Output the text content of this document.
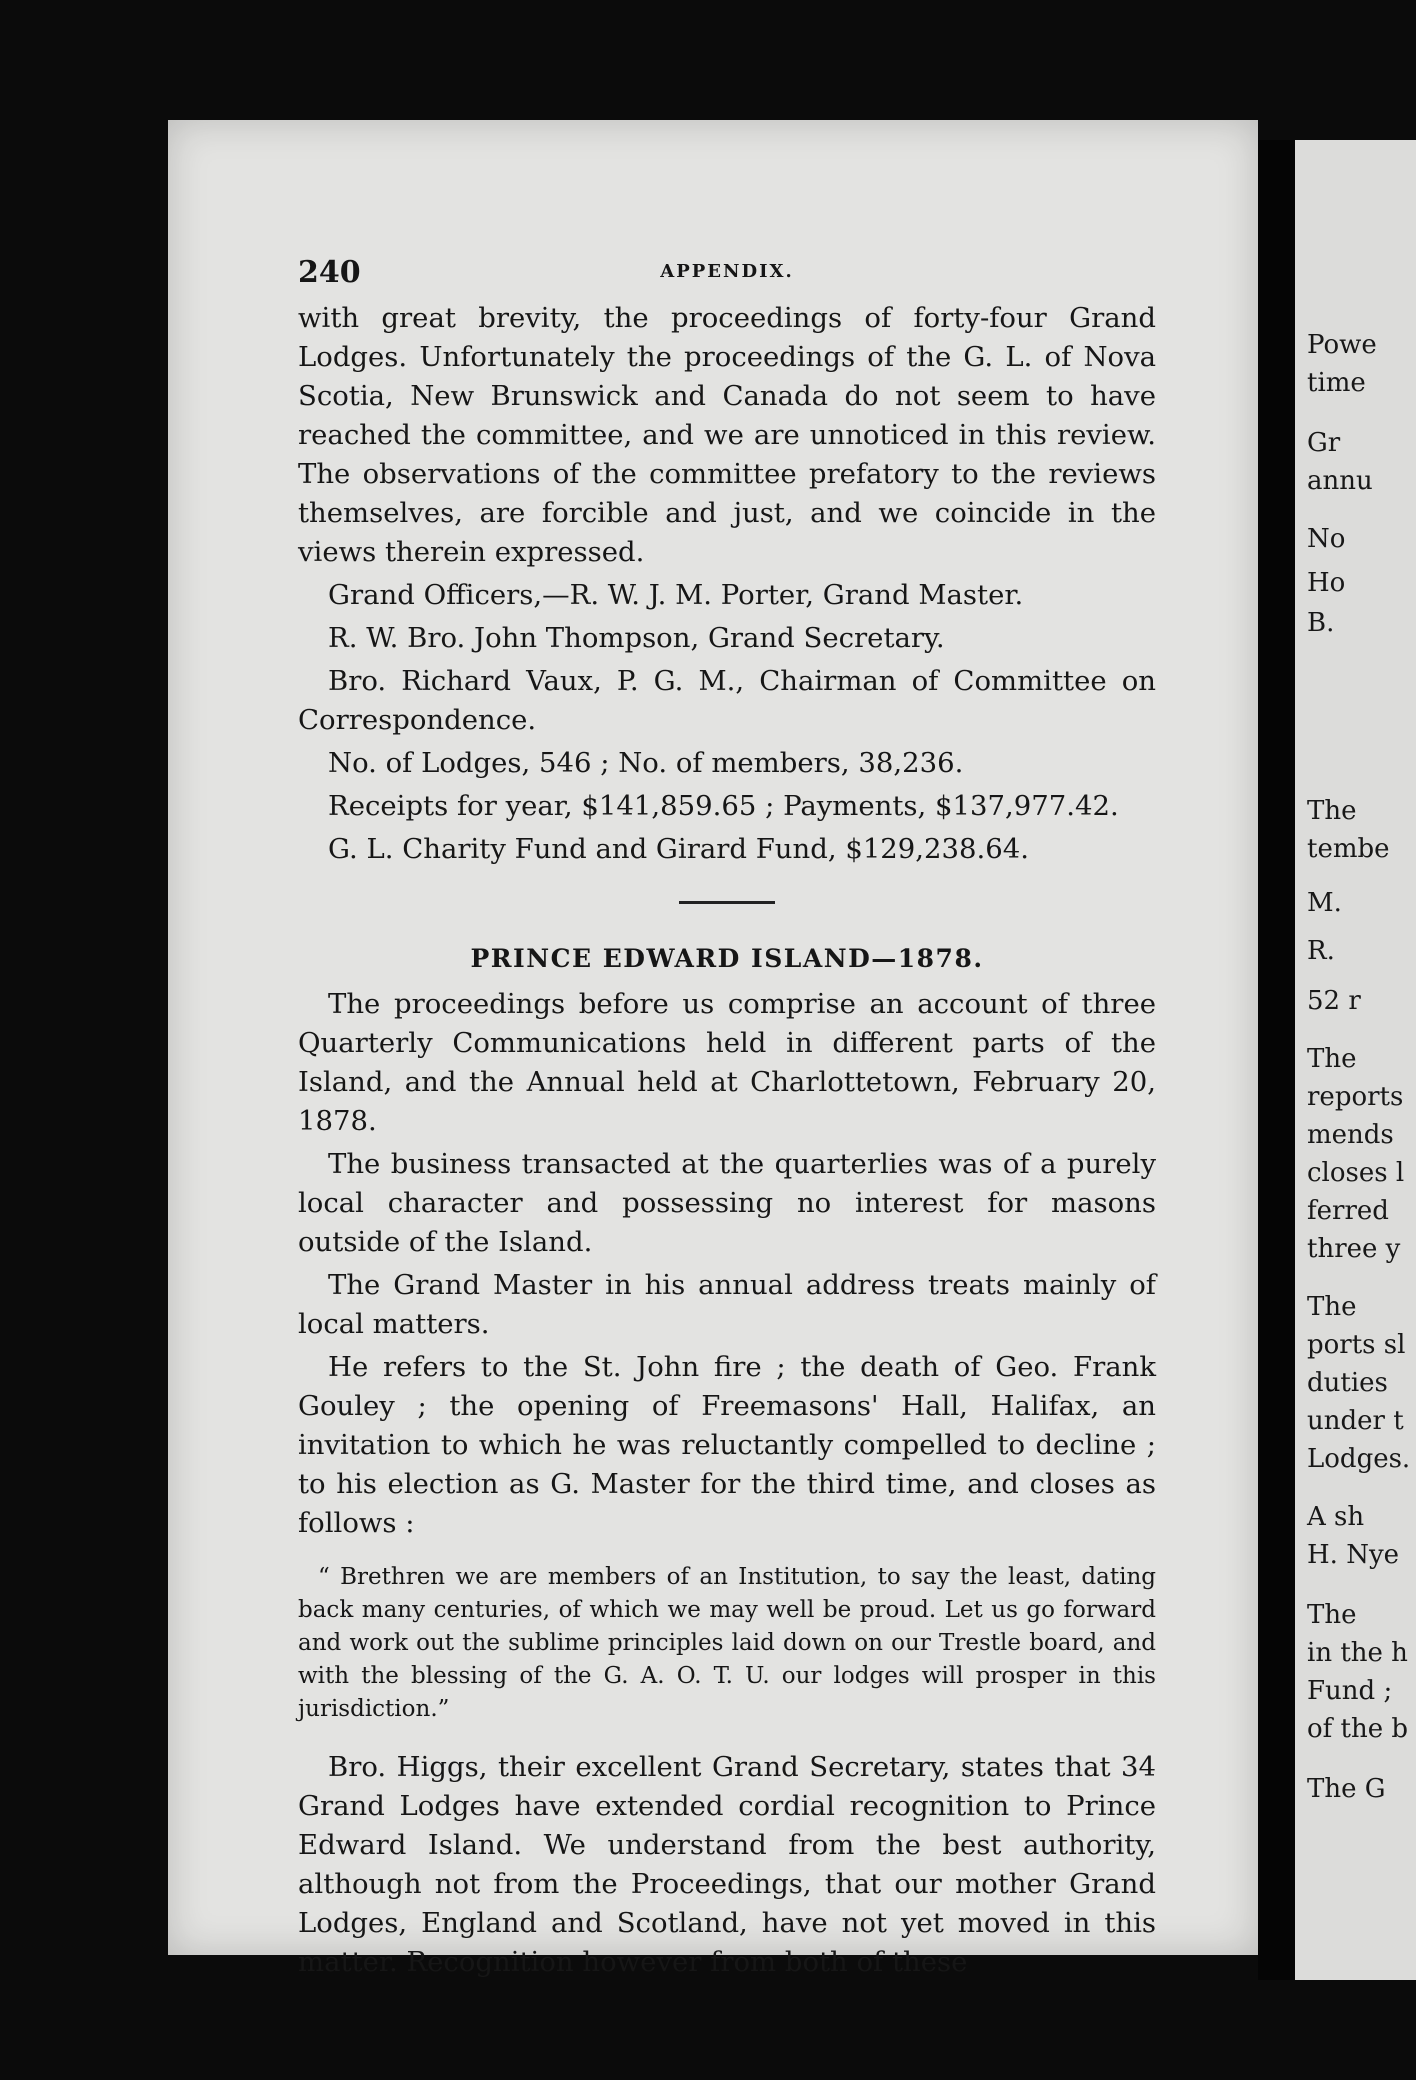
240	APPENDIX.

with great brevity, the proceedings of forty-four Grand Lodges. Unfortunately the proceedings of the G. L. of Nova Scotia, New Brunswick and Canada do not seem to have reached the committee, and we are unnoticed in this review. The observations of the committee prefatory to the reviews themselves, are forcible and just, and we coincide in the views therein expressed.

Grand Officers,—R. W. J. M. Porter, Grand Master.

R. W. Bro. John Thompson, Grand Secretary.

Bro. Richard Vaux, P. G. M., Chairman of Committee on Correspondence.

No. of Lodges, 546 ; No. of members, 38,236.

Receipts for year, $141,859.65 ; Payments, $137,977.42.

G. L. Charity Fund and Girard Fund, $129,238.64.

PRINCE EDWARD ISLAND—1878.

The proceedings before us comprise an account of three Quarterly Communications held in different parts of the Island, and the Annual held at Charlottetown, February 20, 1878.

The business transacted at the quarterlies was of a purely local character and possessing no interest for masons outside of the Island.

The Grand Master in his annual address treats mainly of local matters.

He refers to the St. John fire ; the death of Geo. Frank Gouley ; the opening of Freemasons' Hall, Halifax, an invitation to which he was reluctantly compelled to decline ; to his election as G. Master for the third time, and closes as follows :

“ Brethren we are members of an Institution, to say the least, dating back many centuries, of which we may well be proud. Let us go forward and work out the sublime principles laid down on our Trestle board, and with the blessing of the G. A. O. T. U. our lodges will prosper in this jurisdiction.”

Bro. Higgs, their excellent Grand Secretary, states that 34 Grand Lodges have extended cordial recognition to Prince Edward Island. We understand from the best authority, although not from the Proceedings, that our mother Grand Lodges, England and Scotland, have not yet moved in this matter. Recognition however from both of these

Powe
time
Gr
annu
No
Ho
B.
The
tembe
M.
R.
52 r
The
reports
mends
closes l
ferred
three y
The
ports sl
duties
under t
Lodges.
A sh
H. Nye
The
in the h
Fund ;
of the b
The G
